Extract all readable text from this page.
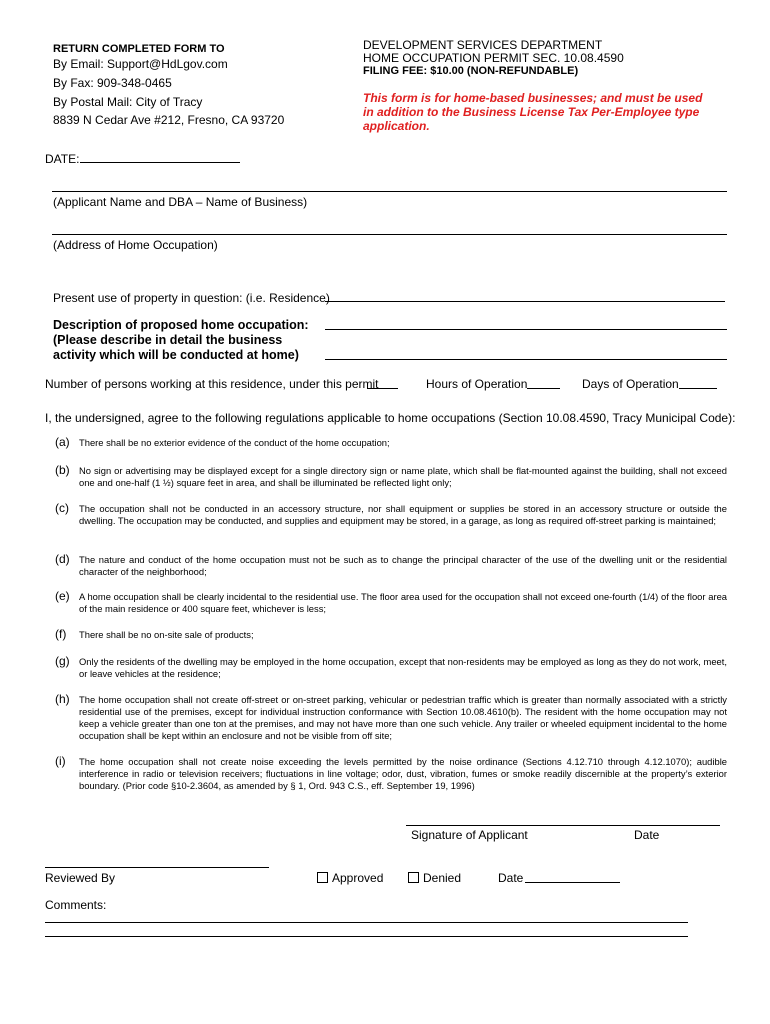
RETURN COMPLETED FORM TO
By Email: Support@HdLgov.com
By Fax: 909-348-0465
By Postal Mail: City of Tracy
8839 N Cedar Ave #212, Fresno, CA 93720
DEVELOPMENT SERVICES DEPARTMENT
HOME OCCUPATION PERMIT SEC. 10.08.4590
FILING FEE: $10.00 (NON-REFUNDABLE)
This form is for home-based businesses; and must be used
in addition to the Business License Tax Per-Employee type
application.
DATE:
(Applicant Name and DBA – Name of Business)
(Address of Home Occupation)
Present use of property in question: (i.e. Residence)
Description of proposed home occupation:
(Please describe in detail the business
activity which will be conducted at home)
Number of persons working at this residence, under this permit	Hours of Operation	Days of Operation
I, the undersigned, agree to the following regulations applicable to home occupations (Section 10.08.4590, Tracy Municipal Code):
(a) There shall be no exterior evidence of the conduct of the home occupation;
(b) No sign or advertising may be displayed except for a single directory sign or name plate, which shall be flat-mounted against the building, shall not exceed one and one-half (1 ½) square feet in area, and shall be illuminated be reflected light only;
(c)	The occupation shall not be conducted in an accessory structure, nor shall equipment or supplies be stored in an accessory structure or outside the dwelling. The occupation may be conducted, and supplies and equipment may be stored, in a garage, as long as required off-street parking is maintained;
(d) The nature and conduct of the home occupation must not be such as to change the principal character of the use of the dwelling unit or the residential character of the neighborhood;
(e) A home occupation shall be clearly incidental to the residential use. The floor area used for the occupation shall not exceed one-fourth (1/4) of the floor area of the main residence or 400 square feet, whichever is less;
(f)	There shall be no on-site sale of products;
(g) Only the residents of the dwelling may be employed in the home occupation, except that non-residents may be employed as long as they do not work, meet, or leave vehicles at the residence;
(h) The home occupation shall not create off-street or on-street parking, vehicular or pedestrian traffic which is greater than normally associated with a strictly residential use of the premises, except for individual instruction conformance with Section 10.08.4610(b). The resident with the home occupation may not keep a vehicle greater than one ton at the premises, and may not have more than one such vehicle. Any trailer or wheeled equipment incidental to the home occupation shall be kept within an enclosure and not be visible from off site;
(i)	The home occupation shall not create noise exceeding the levels permitted by the noise ordinance (Sections 4.12.710 through 4.12.1070); audible interference in radio or television receivers; fluctuations in line voltage; odor, dust, vibration, fumes or smoke readily discernible at the property’s exterior boundary. (Prior code §10-2.3604, as amended by § 1, Ord. 943 C.S., eff. September 19, 1996)
Signature of Applicant	Date
Reviewed By	Approved	Denied	Date
Comments:
